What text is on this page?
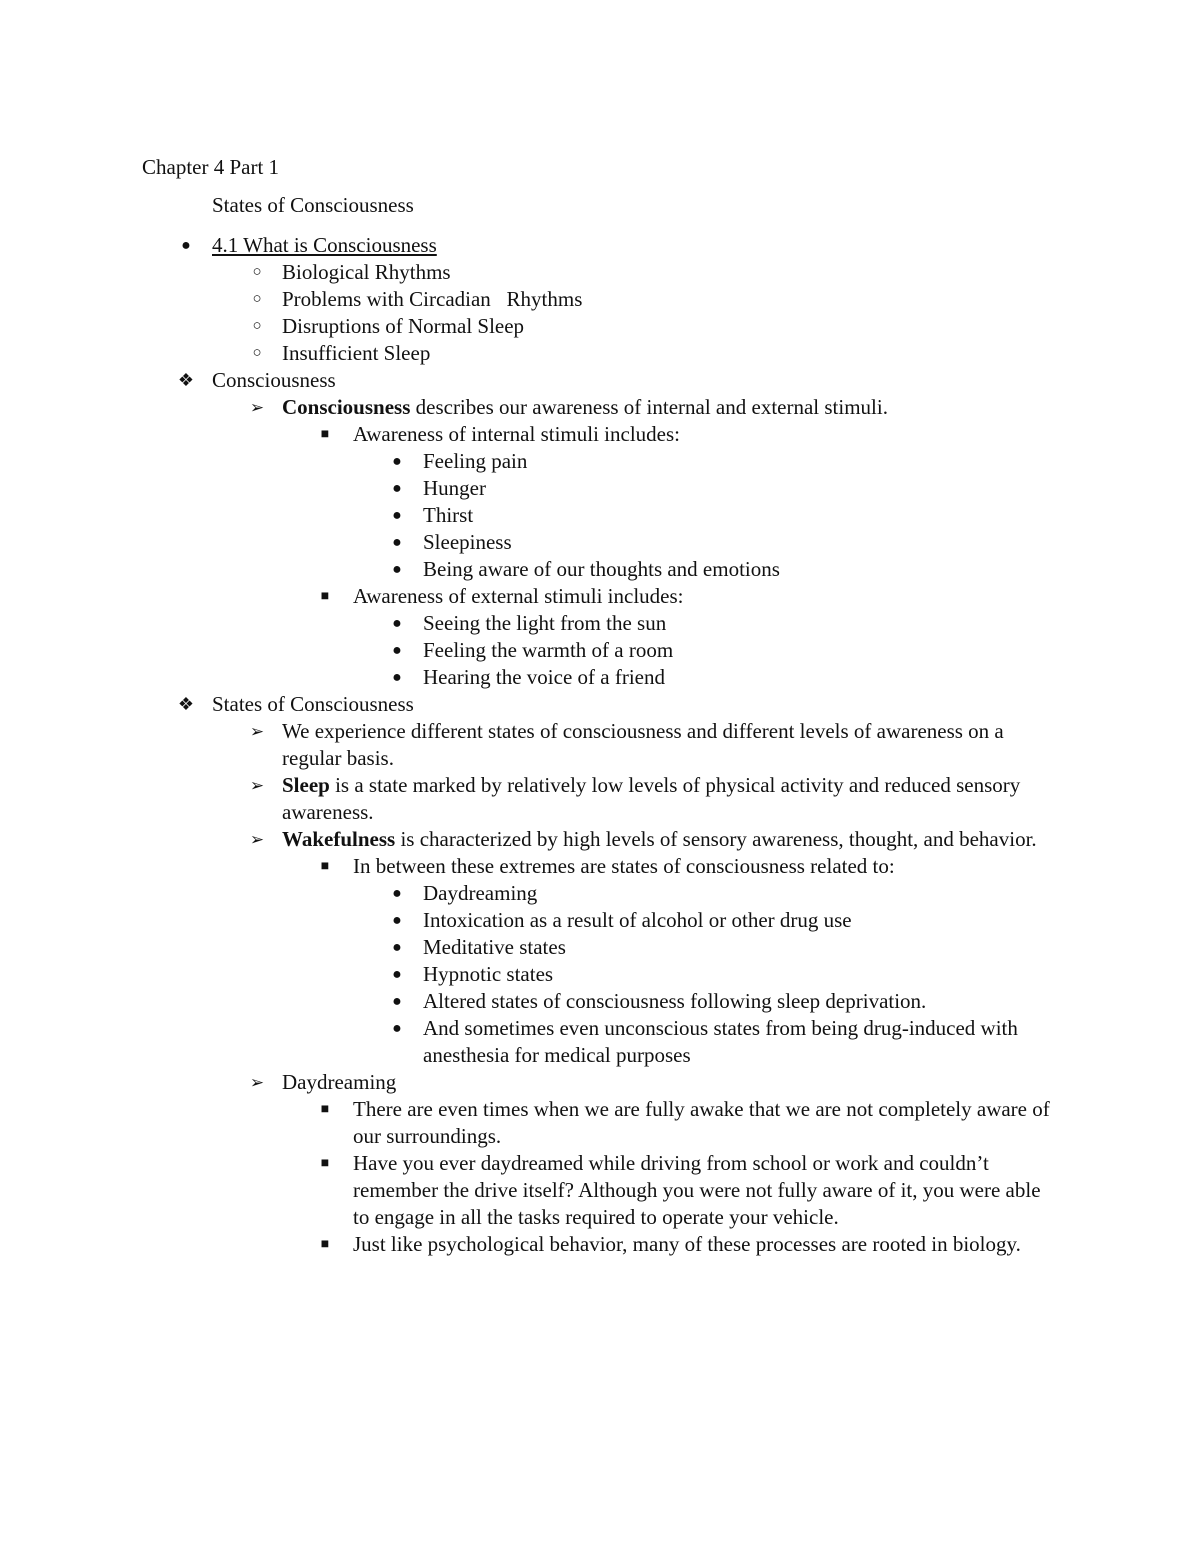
Chapter 4 Part 1
States of Consciousness
●	4.1 What is Consciousness
○ Biological Rhythms
○ Problems with Circadian   Rhythms
○ Disruptions of Normal Sleep
○ Insufficient Sleep
❖ Consciousness
➢ Consciousness describes our awareness of internal and external stimuli.
■	Awareness of internal stimuli includes:
●	Feeling pain
●	Hunger
●	Thirst
●	Sleepiness
●	Being aware of our thoughts and emotions
■	Awareness of external stimuli includes:
●	Seeing the light from the sun
●	Feeling the warmth of a room
●	Hearing the voice of a friend
❖ States of Consciousness
➢ We experience different states of consciousness and different levels of awareness on a regular basis.
➢ Sleep is a state marked by relatively low levels of physical activity and reduced sensory awareness.
➢ Wakefulness is characterized by high levels of sensory awareness, thought, and behavior.
■	In between these extremes are states of consciousness related to:
●	Daydreaming
●	Intoxication as a result of alcohol or other drug use
●	Meditative states
●	Hypnotic states
●	Altered states of consciousness following sleep deprivation.
●	And sometimes even unconscious states from being drug-induced with anesthesia for medical purposes
➢ Daydreaming
■	There are even times when we are fully awake that we are not completely aware of our surroundings.
■	Have you ever daydreamed while driving from school or work and couldn’t remember the drive itself? Although you were not fully aware of it, you were able to engage in all the tasks required to operate your vehicle.
■	Just like psychological behavior, many of these processes are rooted in biology.
